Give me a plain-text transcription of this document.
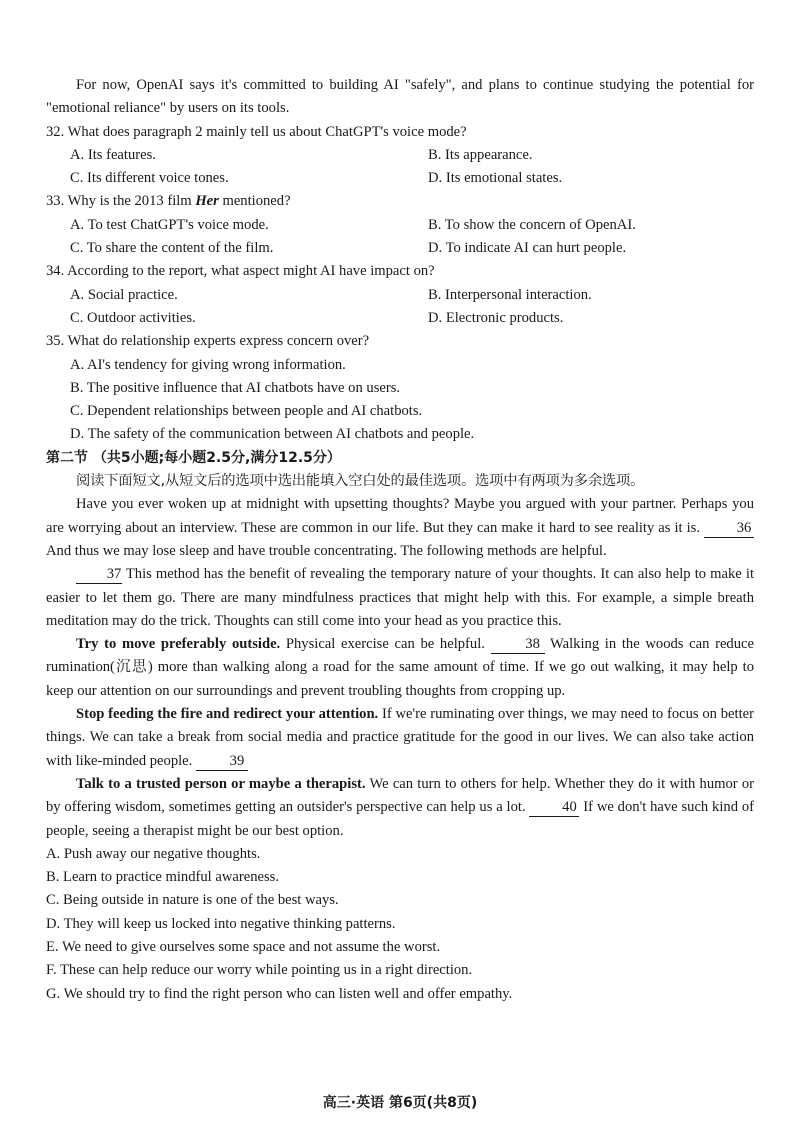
For now, OpenAI says it's committed to building AI "safely", and plans to continue studying the potential for "emotional reliance" by users on its tools.

32. What does paragraph 2 mainly tell us about ChatGPT's voice mode?

A. Its features.	B. Its appearance.
C. Its different voice tones.	D. Its emotional states.

33. Why is the 2013 film Her mentioned?

A. To test ChatGPT's voice mode.	B. To show the concern of OpenAI.
C. To share the content of the film.	D. To indicate AI can hurt people.

34. According to the report, what aspect might AI have impact on?

A. Social practice.	B. Interpersonal interaction.
C. Outdoor activities.	D. Electronic products.

35. What do relationship experts express concern over?

A. AI's tendency for giving wrong information.

B. The positive influence that AI chatbots have on users.

C. Dependent relationships between people and AI chatbots.

D. The safety of the communication between AI chatbots and people.

第二节 （共5小题;每小题2.5分,满分12.5分）

阅读下面短文,从短文后的选项中选出能填入空白处的最佳选项。选项中有两项为多余选项。

Have you ever woken up at midnight with upsetting thoughts? Maybe you argued with your partner. Perhaps you are worrying about an interview. These are common in our life. But they can make it hard to see reality as it is.	36 And thus we may lose sleep and have trouble concentrating. The following methods are helpful.

37 This method has the benefit of revealing the temporary nature of your thoughts. It can also help to make it easier to let them go. There are many mindfulness practices that might help with this. For example, a simple breath meditation may do the trick. Thoughts can still come into your head as you practice this.

Try to move preferably outside. Physical exercise can be helpful.	38 Walking in the woods can reduce rumination(沉思) more than walking along a road for the same amount of time. If we go out walking, it may help to keep our attention on our surroundings and prevent troubling thoughts from cropping up.

Stop feeding the fire and redirect your attention. If we're ruminating over things, we may need to focus on better things. We can take a break from social media and practice gratitude for the good in our lives. We can also take action with like-minded people.	39

Talk to a trusted person or maybe a therapist. We can turn to others for help. Whether they do it with humor or by offering wisdom, sometimes getting an outsider's perspective can help us a lot.	40 If we don't have such kind of people, seeing a therapist might be our best option.

A. Push away our negative thoughts.

B. Learn to practice mindful awareness.

C. Being outside in nature is one of the best ways.

D. They will keep us locked into negative thinking patterns.

E. We need to give ourselves some space and not assume the worst.

F. These can help reduce our worry while pointing us in a right direction.

G. We should try to find the right person who can listen well and offer empathy.

高三·英语 第6页(共8页)
